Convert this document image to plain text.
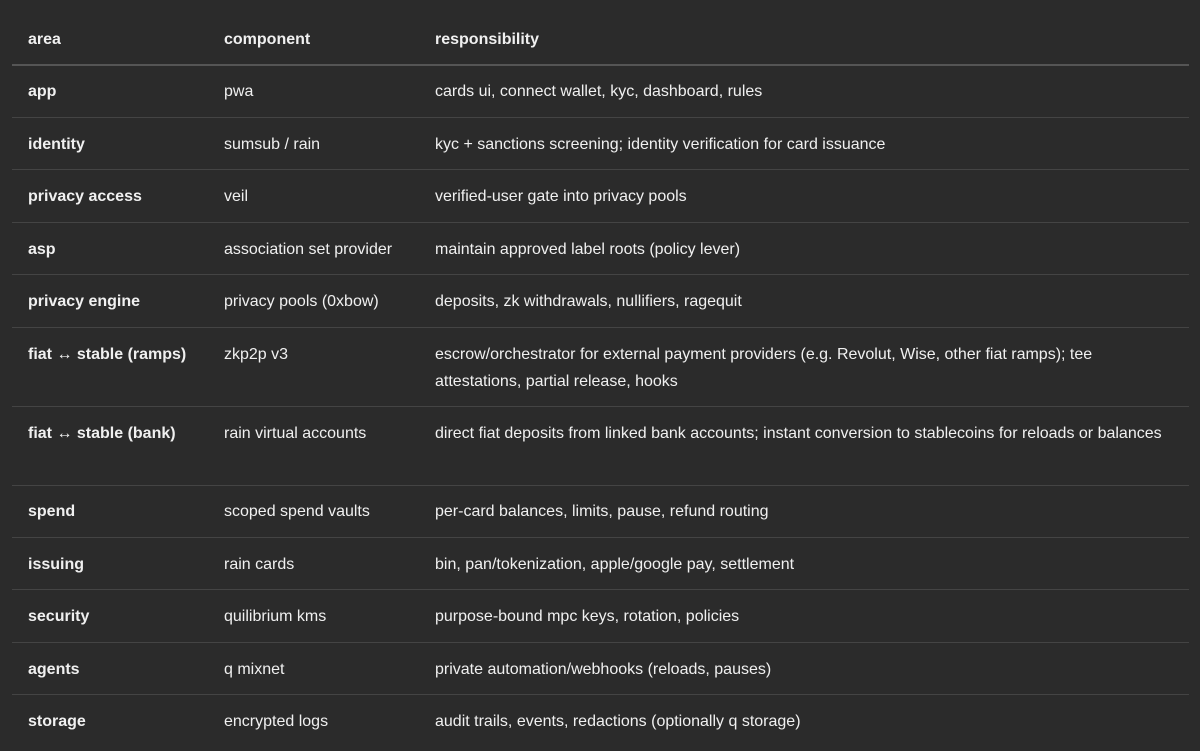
area	component	responsibility
app	pwa	cards ui, connect wallet, kyc, dashboard, rules
identity	sumsub / rain	kyc + sanctions screening; identity verification for card issuance
privacy access	veil	verified-user gate into privacy pools
asp	association set provider	maintain approved label roots (policy lever)
privacy engine	privacy pools (0xbow)	deposits, zk withdrawals, nullifiers, ragequit
fiat ↔ stable (ramps)	zkp2p v3	escrow/orchestrator for external payment providers (e.g. Revolut, Wise, other fiat ramps); tee attestations, partial release, hooks
fiat ↔ stable (bank)	rain virtual accounts	direct fiat deposits from linked bank accounts; instant conversion to stablecoins for reloads or balances
spend	scoped spend vaults	per-card balances, limits, pause, refund routing
issuing	rain cards	bin, pan/tokenization, apple/google pay, settlement
security	quilibrium kms	purpose-bound mpc keys, rotation, policies
agents	q mixnet	private automation/webhooks (reloads, pauses)
storage	encrypted logs	audit trails, events, redactions (optionally q storage)
